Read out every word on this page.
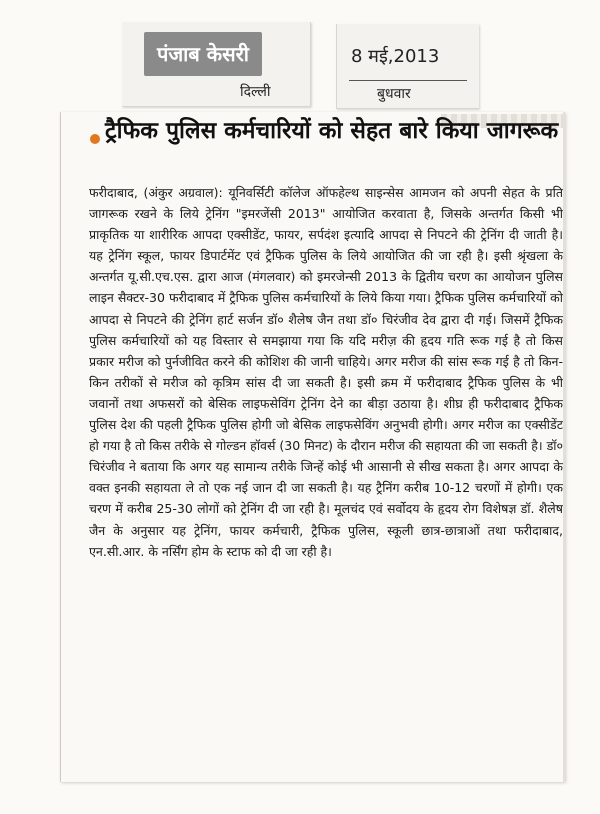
पंजाब केसरी
दिल्ली
8 मई,2013
बुधवार
ट्रैफिक पुलिस कर्मचारियों को सेहत बारे किया जागरूक

फरीदाबाद, (अंकुर अग्रवाल): यूनिवर्सिटी कॉलेज ऑफहेल्थ साइन्सेस आमजन को अपनी सेहत के प्रति जागरूक रखने के लिये ट्रेनिंग "इमरजेंसी 2013" आयोजित करवाता है, जिसके अन्तर्गत किसी भी प्राकृतिक या शारीरिक आपदा एक्सीडेंट, फायर, सर्पदंश इत्यादि आपदा से निपटने की ट्रेनिंग दी जाती है। यह ट्रेनिंग स्कूल, फायर डिपार्टमेंट एवं ट्रैफिक पुलिस के लिये आयोजित की जा रही है। इसी श्रृंखला के अन्तर्गत यू.सी.एच.एस. द्वारा आज (मंगलवार) को इमरजेन्सी 2013 के द्वितीय चरण का आयोजन पुलिस लाइन सैक्टर-30 फरीदाबाद में ट्रैफिक पुलिस कर्मचारियों के लिये किया गया। ट्रैफिक पुलिस कर्मचारियों को आपदा से निपटने की ट्रेनिंग हार्ट सर्जन डॉ० शैलेष जैन तथा डॉ० चिरंजीव देव द्वारा दी गई। जिसमें ट्रैफिक पुलिस कर्मचारियों को यह विस्तार से समझाया गया कि यदि मरीज़ की हृदय गति रूक गई है तो किस प्रकार मरीज को पुर्नजीवित करने की कोशिश की जानी चाहिये। अगर मरीज की सांस रूक गई है तो किन-किन तरीकों से मरीज को कृत्रिम सांस दी जा सकती है। इसी क्रम में फरीदाबाद ट्रैफिक पुलिस के भी जवानों तथा अफसरों को बेसिक लाइफसेविंग ट्रेनिंग देने का बीड़ा उठाया है। शीघ्र ही फरीदाबाद ट्रैफिक पुलिस देश की पहली ट्रैफिक पुलिस होगी जो बेसिक लाइफसेविंग अनुभवी होगी। अगर मरीज का एक्सीडेंट हो गया है तो किस तरीके से गोल्डन हॉवर्स (30 मिनट) के दौरान मरीज की सहायता की जा सकती है। डॉ० चिरंजीव ने बताया कि अगर यह सामान्य तरीके जिन्हें कोई भी आसानी से सीख सकता है। अगर आपदा के वक्त इनकी सहायता ले तो एक नई जान दी जा सकती है। यह ट्रैनिंग करीब 10-12 चरणों में होगी। एक चरण में करीब 25-30 लोगों को ट्रेनिंग दी जा रही है। मूलचंद एवं सर्वोदय के हृदय रोग विशेषज्ञ डॉ. शैलेष जैन के अनुसार यह ट्रेनिंग, फायर कर्मचारी, ट्रैफिक पुलिस, स्कूली छात्र-छात्राओं तथा फरीदाबाद, एन.सी.आर. के नर्सिंग होम के स्टाफ को दी जा रही है।
